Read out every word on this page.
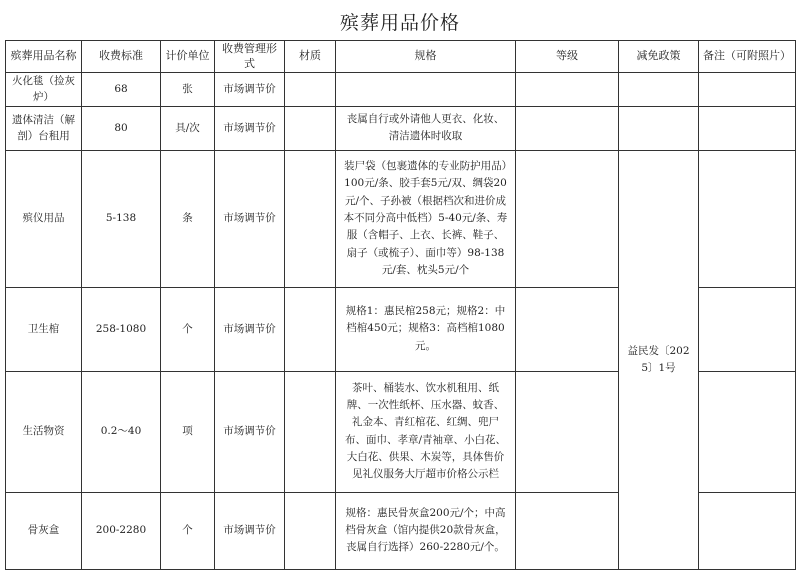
殡葬用品价格
殡葬用品名称	收费标准	计价单位	收费管理形式	材质	规格	等级	减免政策	备注（可附照片）
火化毯（捡灰炉）	68	张	市场调节价					
遗体清洁（解剖）台租用	80	具/次	市场调节价		丧属自行或外请他人更衣、化妆、清洁遗体时收取			
殡仪用品	5-138	条	市场调节价		装尸袋（包裹遗体的专业防护用品）100元/条、胶手套5元/双、绸袋20元/个、子孙被（根据档次和进价成本不同分高中低档）5-40元/条、寿服（含帽子、上衣、长裤、鞋子、扇子（或梳子）、面巾等）98-138元/套、枕头5元/个		益民发〔2025〕1号	
卫生棺	258-1080	个	市场调节价		规格1：惠民棺258元；规格2：中档棺450元；规格3：高档棺1080元。			
生活物资	0.2～40	项	市场调节价		茶叶、桶装水、饮水机租用、纸牌、一次性纸杯、压水器、蚊香、礼金本、青红棺花、红绸、兜尸布、面巾、孝章/青袖章、小白花、大白花、供果、木炭等，具体售价见礼仪服务大厅超市价格公示栏			
骨灰盒	200-2280	个	市场调节价		规格：惠民骨灰盒200元/个；中高档骨灰盒（馆内提供20款骨灰盒，丧属自行选择）260-2280元/个。			
